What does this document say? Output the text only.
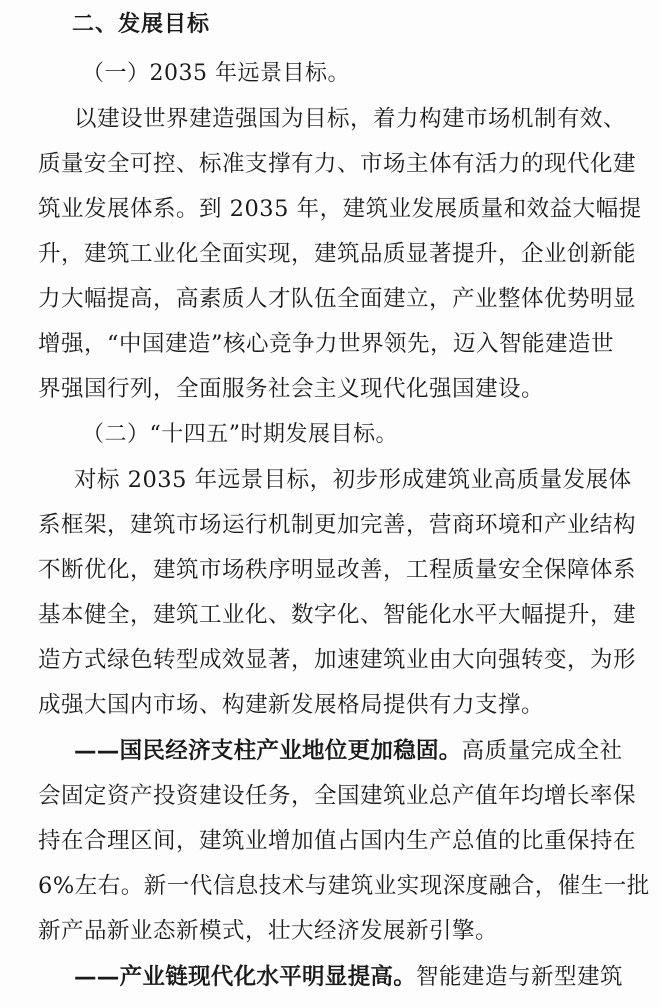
二、发展目标
（一）2035 年远景目标。
以建设世界建造强国为目标，着力构建市场机制有效、
质量安全可控、标准支撑有力、市场主体有活力的现代化建
筑业发展体系。到 2035 年，建筑业发展质量和效益大幅提
升，建筑工业化全面实现，建筑品质显著提升，企业创新能
力大幅提高，高素质人才队伍全面建立，产业整体优势明显
增强，“中国建造”核心竞争力世界领先，迈入智能建造世
界强国行列，全面服务社会主义现代化强国建设。
（二）“十四五”时期发展目标。
对标 2035 年远景目标，初步形成建筑业高质量发展体
系框架，建筑市场运行机制更加完善，营商环境和产业结构
不断优化，建筑市场秩序明显改善，工程质量安全保障体系
基本健全，建筑工业化、数字化、智能化水平大幅提升，建
造方式绿色转型成效显著，加速建筑业由大向强转变，为形
成强大国内市场、构建新发展格局提供有力支撑。
——国民经济支柱产业地位更加稳固。高质量完成全社
会固定资产投资建设任务，全国建筑业总产值年均增长率保
持在合理区间，建筑业增加值占国内生产总值的比重保持在
6%左右。新一代信息技术与建筑业实现深度融合，催生一批
新产品新业态新模式，壮大经济发展新引擎。
——产业链现代化水平明显提高。智能建造与新型建筑
